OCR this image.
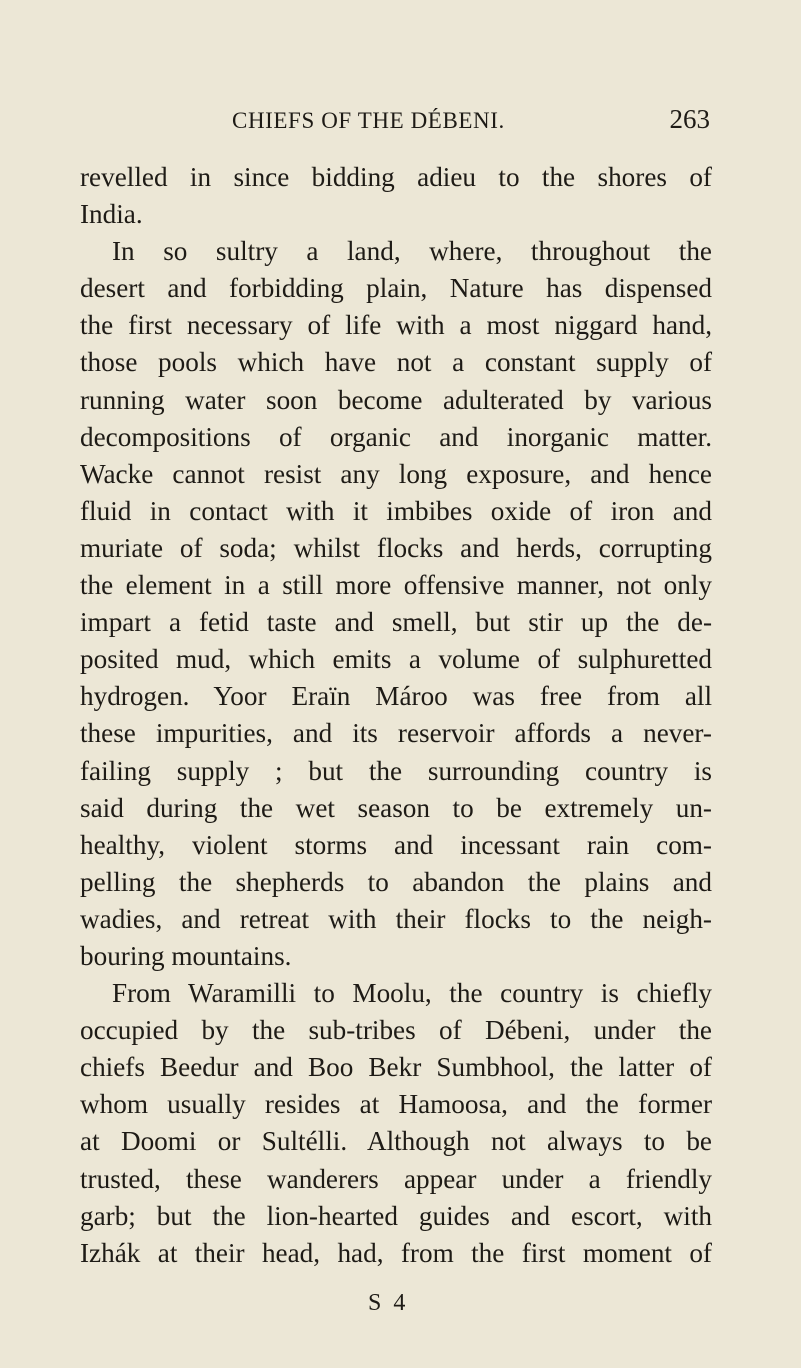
CHIEFS OF THE DÉBENI.	263
revelled in since bidding adieu to the shores of
India.
In so sultry a land, where, throughout the
desert and forbidding plain, Nature has dispensed
the first necessary of life with a most niggard hand,
those pools which have not a constant supply of
running water soon become adulterated by various
decompositions of organic and inorganic matter.
Wacke cannot resist any long exposure, and hence
fluid in contact with it imbibes oxide of iron and
muriate of soda; whilst flocks and herds, corrupting
the element in a still more offensive manner, not only
impart a fetid taste and smell, but stir up the de-
posited mud, which emits a volume of sulphuretted
hydrogen. Yoor Eraïn Mároo was free from all
these impurities, and its reservoir affords a never-
failing supply ; but the surrounding country is
said during the wet season to be extremely un-
healthy, violent storms and incessant rain com-
pelling the shepherds to abandon the plains and
wadies, and retreat with their flocks to the neigh-
bouring mountains.
From Waramilli to Moolu, the country is chiefly
occupied by the sub-tribes of Débeni, under the
chiefs Beedur and Boo Bekr Sumbhool, the latter of
whom usually resides at Hamoosa, and the former
at Doomi or Sultélli. Although not always to be
trusted, these wanderers appear under a friendly
garb; but the lion-hearted guides and escort, with
Izhák at their head, had, from the first moment of
S 4
